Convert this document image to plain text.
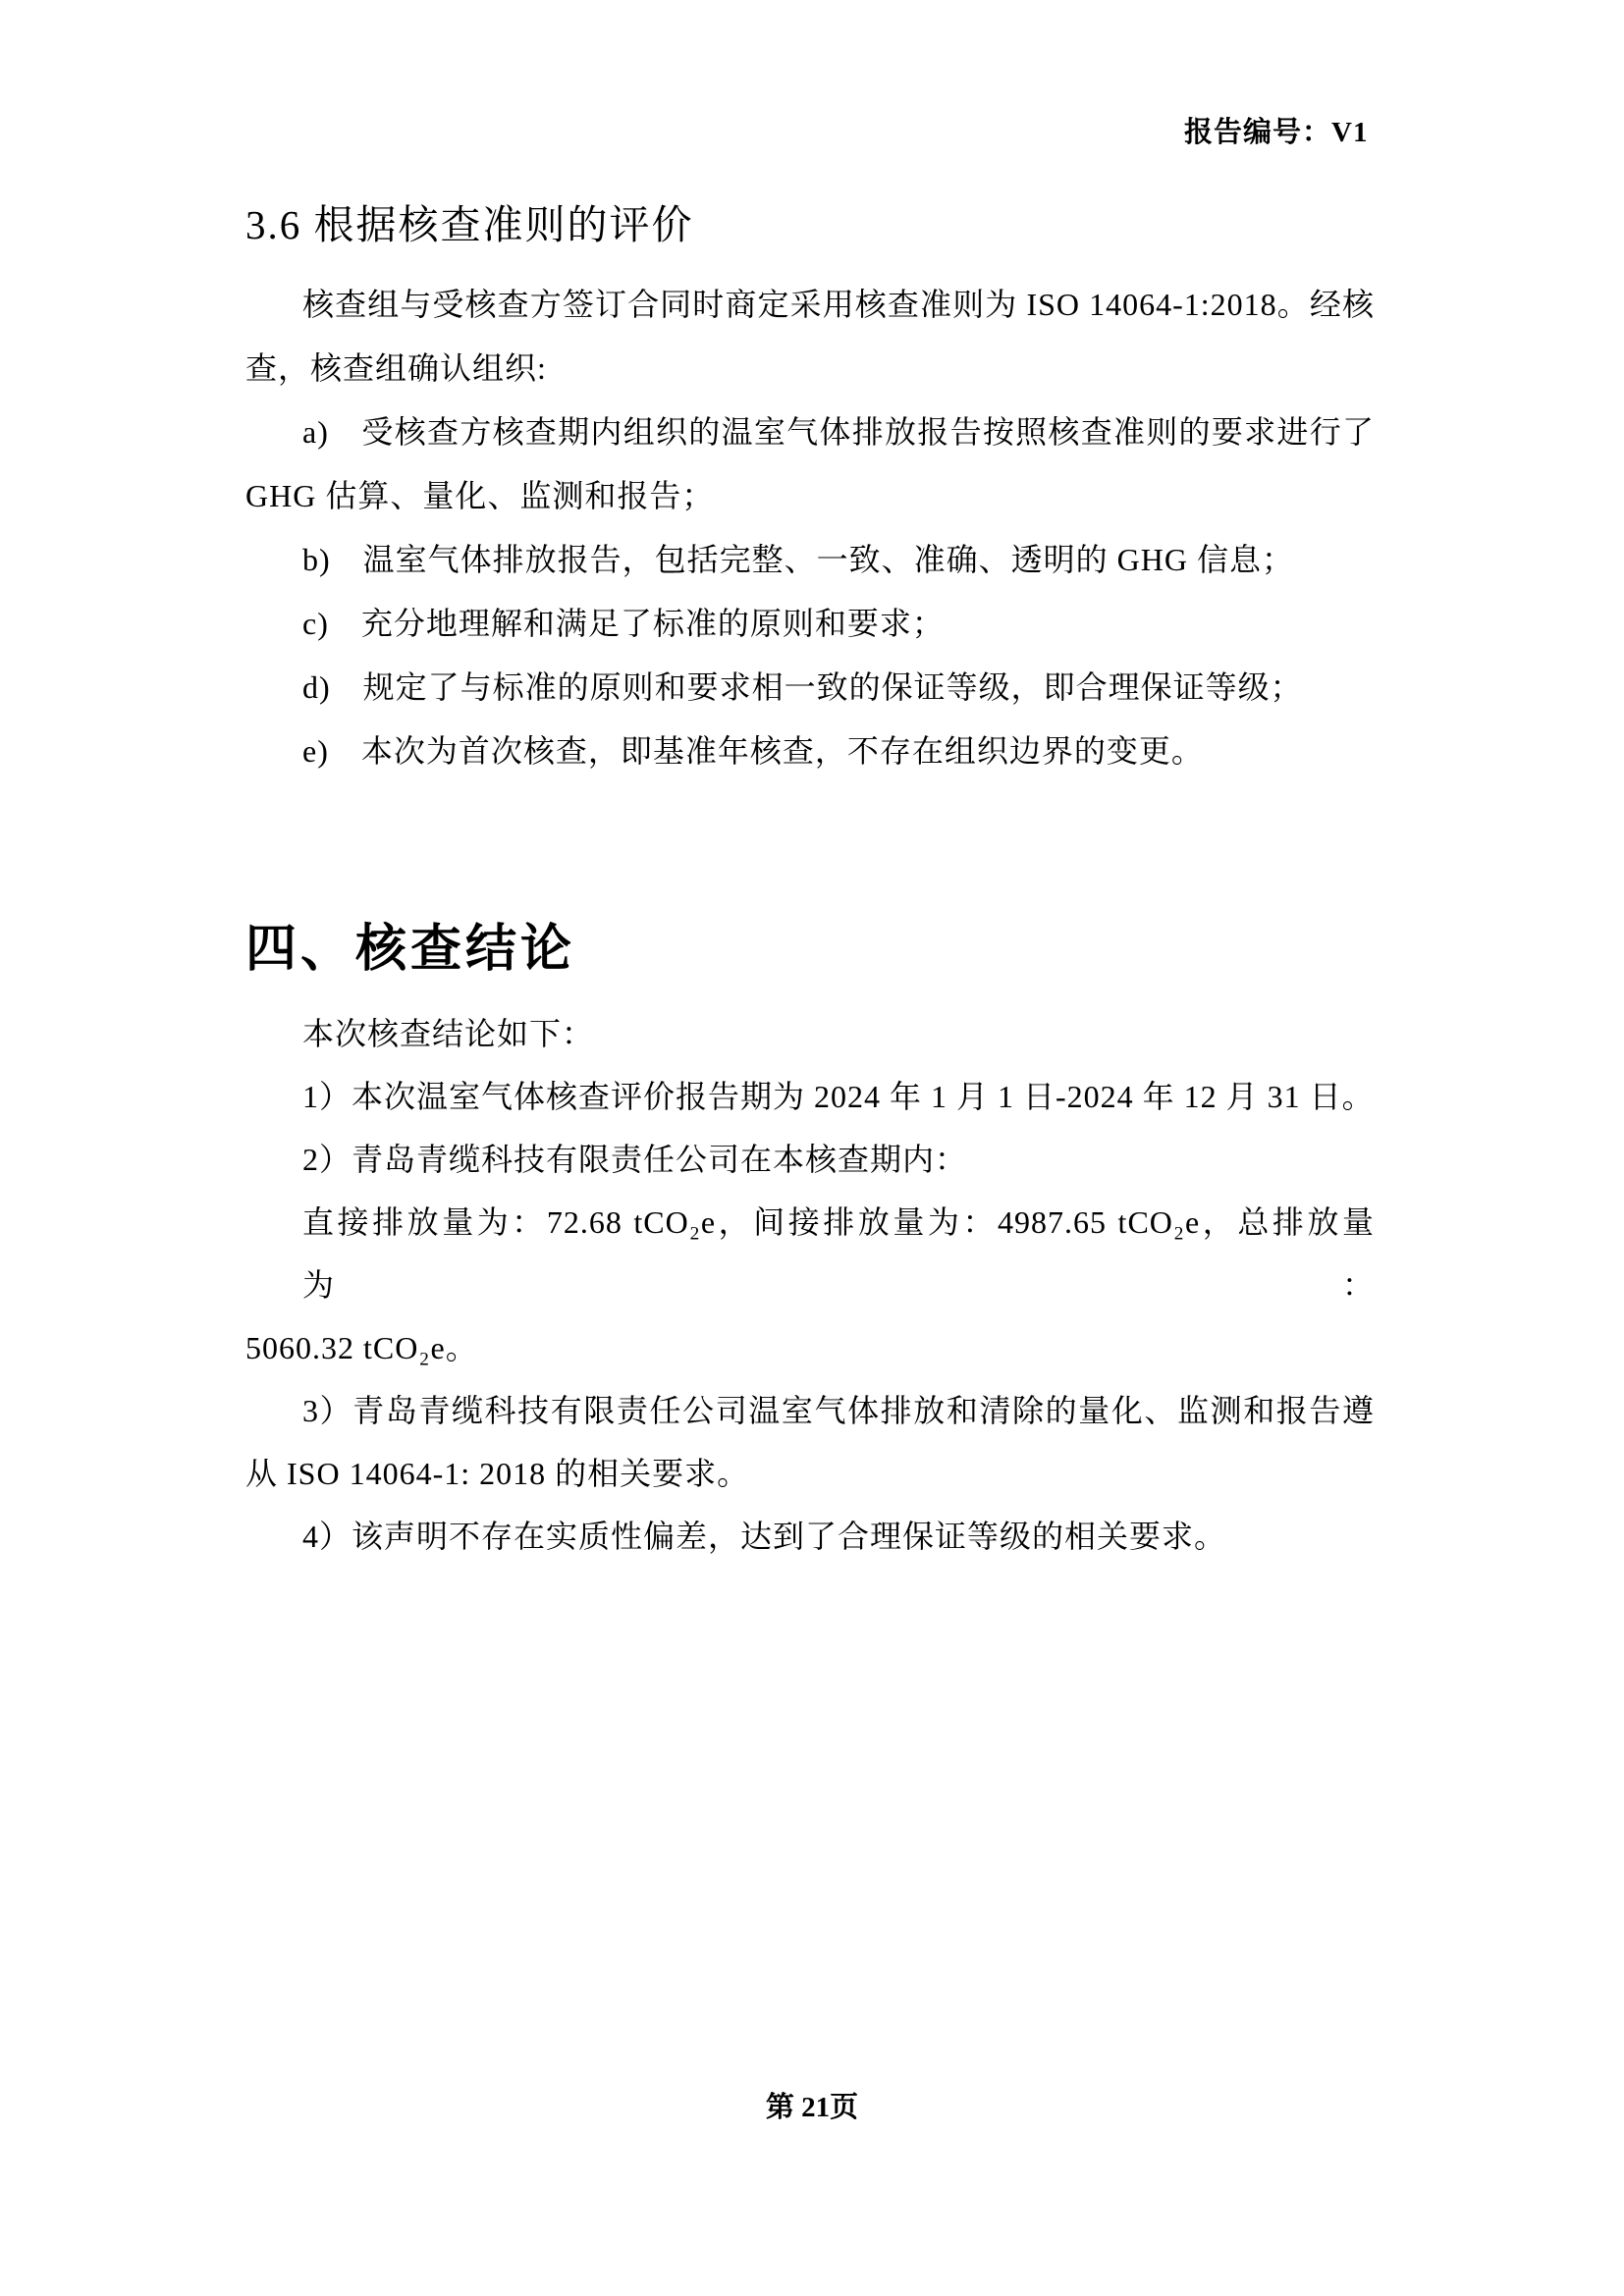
报告编号：V1
3.6 根据核查准则的评价
核查组与受核查方签订合同时商定采用核查准则为 ISO 14064-1:2018。经核
查，核查组确认组织:
a)　受核查方核查期内组织的温室气体排放报告按照核查准则的要求进行了
GHG 估算、量化、监测和报告；
b)　温室气体排放报告，包括完整、一致、准确、透明的 GHG 信息；
c)　充分地理解和满足了标准的原则和要求；
d)　规定了与标准的原则和要求相一致的保证等级，即合理保证等级；
e)　本次为首次核查，即基准年核查，不存在组织边界的变更。
四、核查结论
本次核查结论如下：
1）本次温室气体核查评价报告期为 2024 年 1 月 1 日-2024 年 12 月 31 日。
2）青岛青缆科技有限责任公司在本核查期内：
直接排放量为：72.68 tCO₂e，间接排放量为：4987.65 tCO₂e，总排放量为：
5060.32 tCO₂e。
3）青岛青缆科技有限责任公司温室气体排放和清除的量化、监测和报告遵
从 ISO 14064-1: 2018 的相关要求。
4）该声明不存在实质性偏差，达到了合理保证等级的相关要求。
第 21页
